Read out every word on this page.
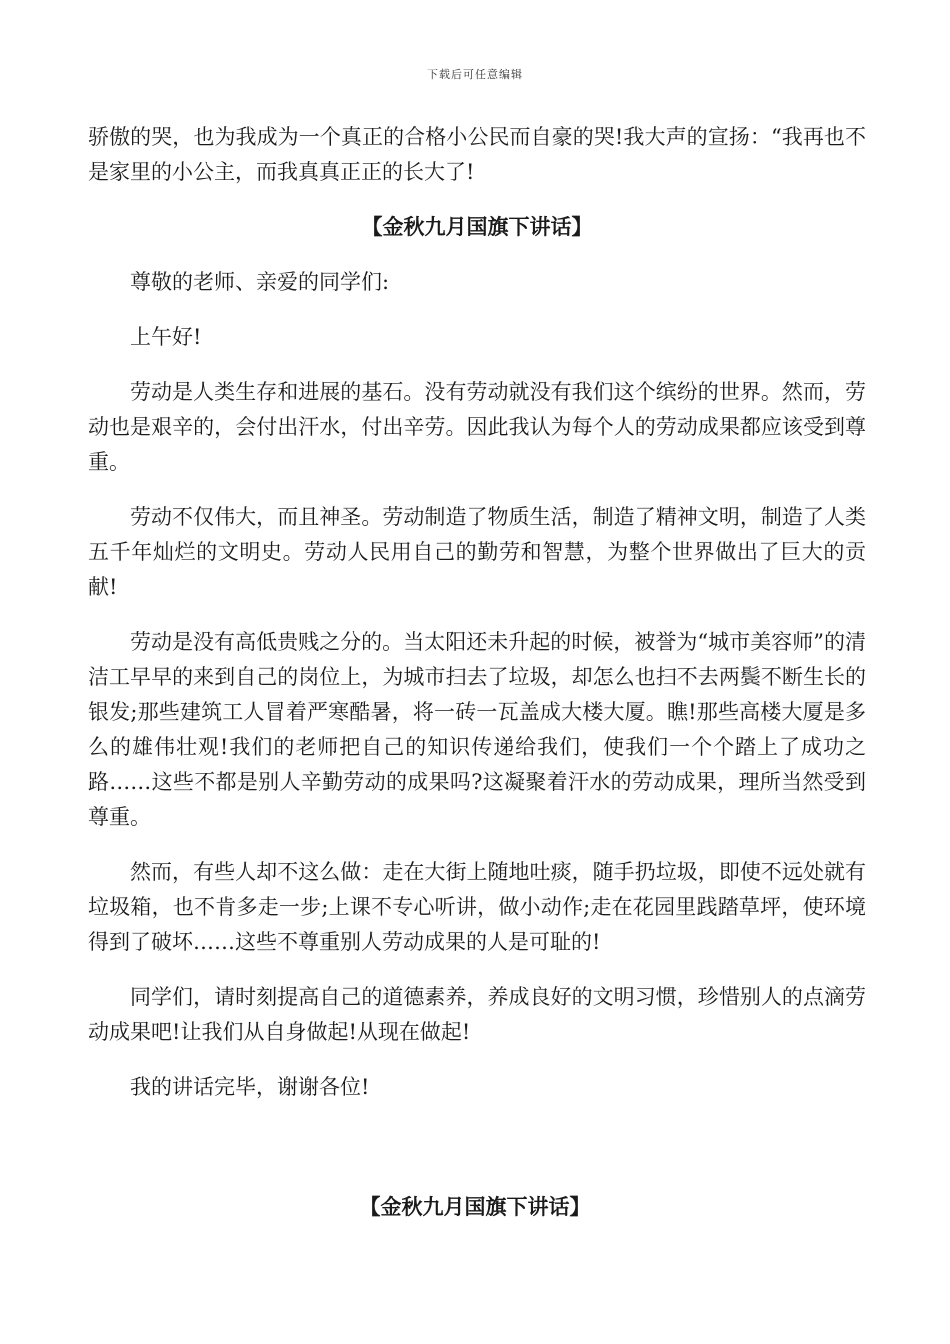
下载后可任意编辑

骄傲的哭，也为我成为一个真正的合格小公民而自豪的哭!我大声的宣扬：“我再也不是家里的小公主，而我真真正正的长大了!

【金秋九月国旗下讲话】

尊敬的老师、亲爱的同学们:

上午好!

劳动是人类生存和进展的基石。没有劳动就没有我们这个缤纷的世界。然而，劳动也是艰辛的，会付出汗水，付出辛劳。因此我认为每个人的劳动成果都应该受到尊重。

劳动不仅伟大，而且神圣。劳动制造了物质生活，制造了精神文明，制造了人类五千年灿烂的文明史。劳动人民用自己的勤劳和智慧，为整个世界做出了巨大的贡献!

劳动是没有高低贵贱之分的。当太阳还未升起的时候，被誉为“城市美容师”的清洁工早早的来到自己的岗位上，为城市扫去了垃圾，却怎么也扫不去两鬓不断生长的银发;那些建筑工人冒着严寒酷暑，将一砖一瓦盖成大楼大厦。瞧!那些高楼大厦是多么的雄伟壮观!我们的老师把自己的知识传递给我们，使我们一个个踏上了成功之路……这些不都是别人辛勤劳动的成果吗?这凝聚着汗水的劳动成果，理所当然受到尊重。

然而，有些人却不这么做：走在大街上随地吐痰，随手扔垃圾，即使不远处就有垃圾箱，也不肯多走一步;上课不专心听讲，做小动作;走在花园里践踏草坪，使环境得到了破坏……这些不尊重别人劳动成果的人是可耻的!

同学们，请时刻提高自己的道德素养，养成良好的文明习惯，珍惜别人的点滴劳动成果吧!让我们从自身做起!从现在做起!

我的讲话完毕，谢谢各位!

【金秋九月国旗下讲话】
